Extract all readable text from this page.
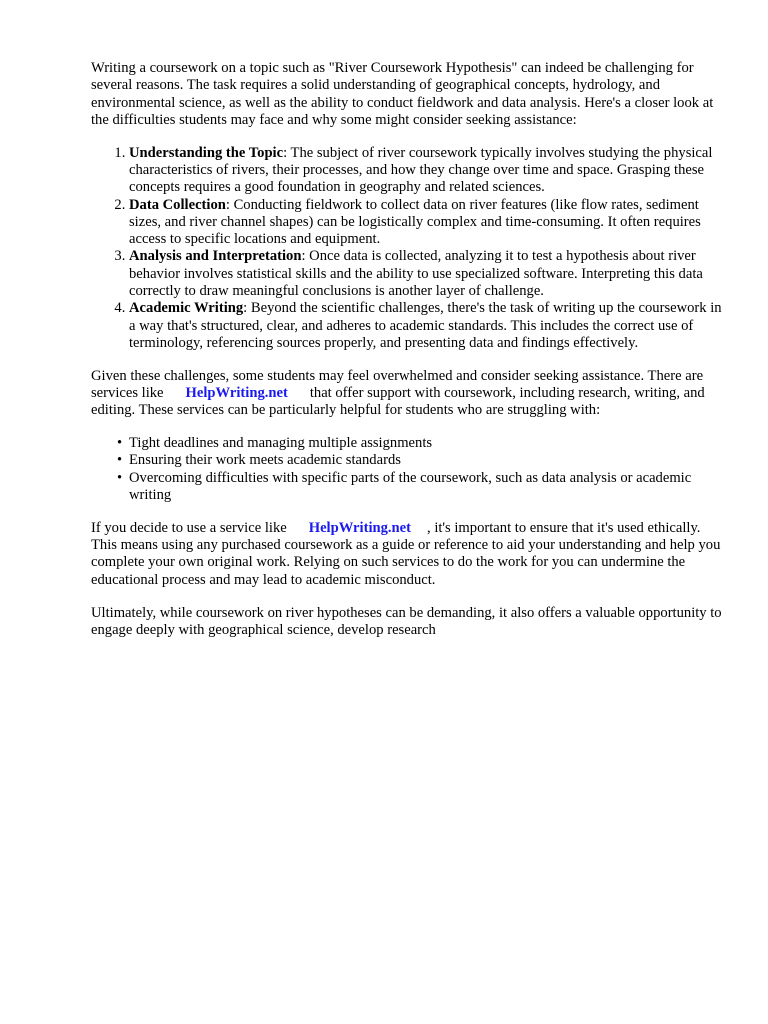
Writing a coursework on a topic such as "River Coursework Hypothesis" can indeed be challenging for several reasons. The task requires a solid understanding of geographical concepts, hydrology, and environmental science, as well as the ability to conduct fieldwork and data analysis. Here's a closer look at the difficulties students may face and why some might consider seeking assistance:

1. Understanding the Topic: The subject of river coursework typically involves studying the physical characteristics of rivers, their processes, and how they change over time and space. Grasping these concepts requires a good foundation in geography and related sciences.
2. Data Collection: Conducting fieldwork to collect data on river features (like flow rates, sediment sizes, and river channel shapes) can be logistically complex and time-consuming. It often requires access to specific locations and equipment.
3. Analysis and Interpretation: Once data is collected, analyzing it to test a hypothesis about river behavior involves statistical skills and the ability to use specialized software. Interpreting this data correctly to draw meaningful conclusions is another layer of challenge.
4. Academic Writing: Beyond the scientific challenges, there's the task of writing up the coursework in a way that's structured, clear, and adheres to academic standards. This includes the correct use of terminology, referencing sources properly, and presenting data and findings effectively.

Given these challenges, some students may feel overwhelmed and consider seeking assistance. There are services like HelpWriting.net that offer support with coursework, including research, writing, and editing. These services can be particularly helpful for students who are struggling with:

• Tight deadlines and managing multiple assignments
• Ensuring their work meets academic standards
• Overcoming difficulties with specific parts of the coursework, such as data analysis or academic writing

If you decide to use a service like HelpWriting.net , it's important to ensure that it's used ethically. This means using any purchased coursework as a guide or reference to aid your understanding and help you complete your own original work. Relying on such services to do the work for you can undermine the educational process and may lead to academic misconduct.

Ultimately, while coursework on river hypotheses can be demanding, it also offers a valuable opportunity to engage deeply with geographical science, develop research
